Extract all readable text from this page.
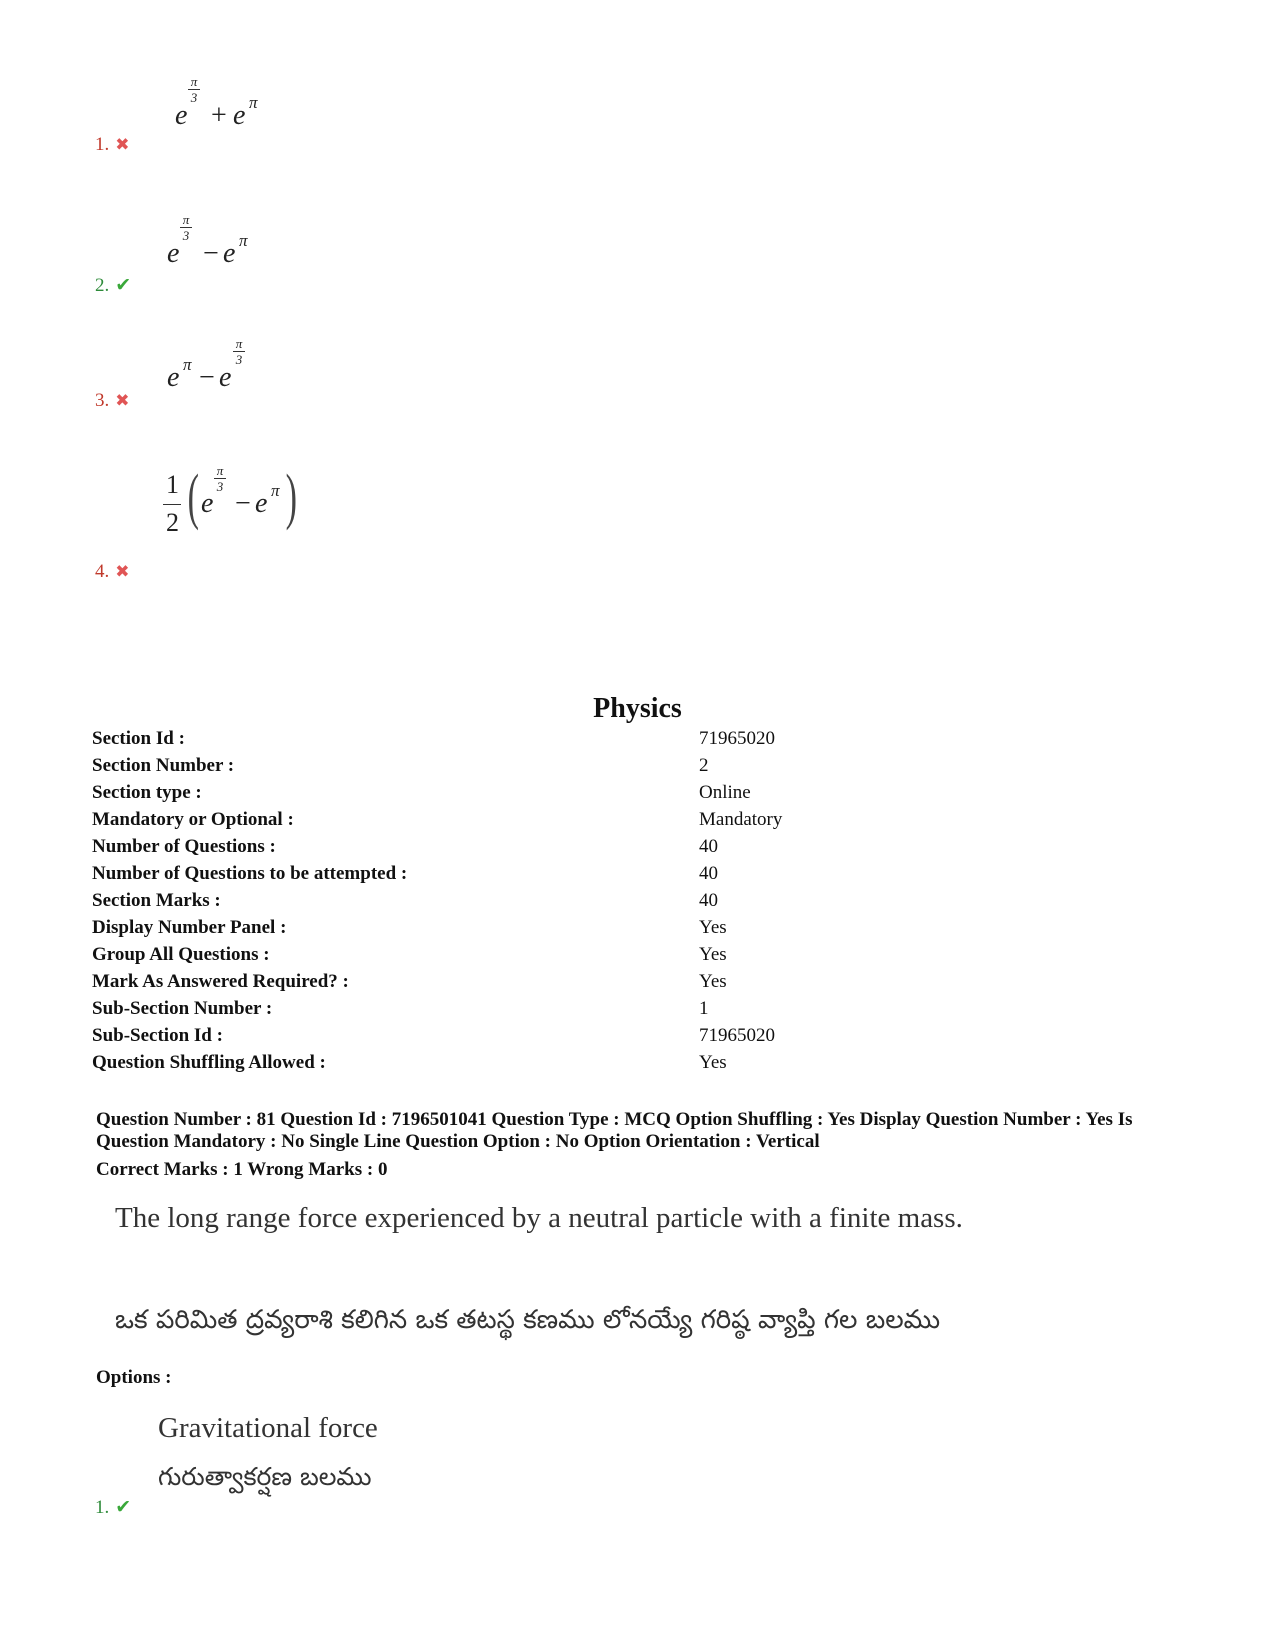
e
π
3
+ e π
1. ✖
e
π
3
− e π
2. ✔
e π − e
π
3
3. ✖
1
2 ( e
π
3
− e π )
4. ✖
Physics
Section Id :	71965020
Section Number :	2
Section type :	Online
Mandatory or Optional :	Mandatory
Number of Questions :	40
Number of Questions to be attempted :	40
Section Marks :	40
Display Number Panel :	Yes
Group All Questions :	Yes
Mark As Answered Required? :	Yes
Sub-Section Number :	1
Sub-Section Id :	71965020
Question Shuffling Allowed :	Yes
Question Number : 81 Question Id : 7196501041 Question Type : MCQ Option Shuffling : Yes Display Question Number : Yes Is Question Mandatory : No Single Line Question Option : No Option Orientation : Vertical
Correct Marks : 1 Wrong Marks : 0
The long range force experienced by a neutral particle with a finite mass.
ఒక పరిమిత ద్రవ్యరాశి కలిగిన ఒక తటస్థ కణము లోనయ్యే గరిష్ఠ వ్యాప్తి గల బలము
Options :
Gravitational force
గురుత్వాకర్షణ బలము
1. ✔
